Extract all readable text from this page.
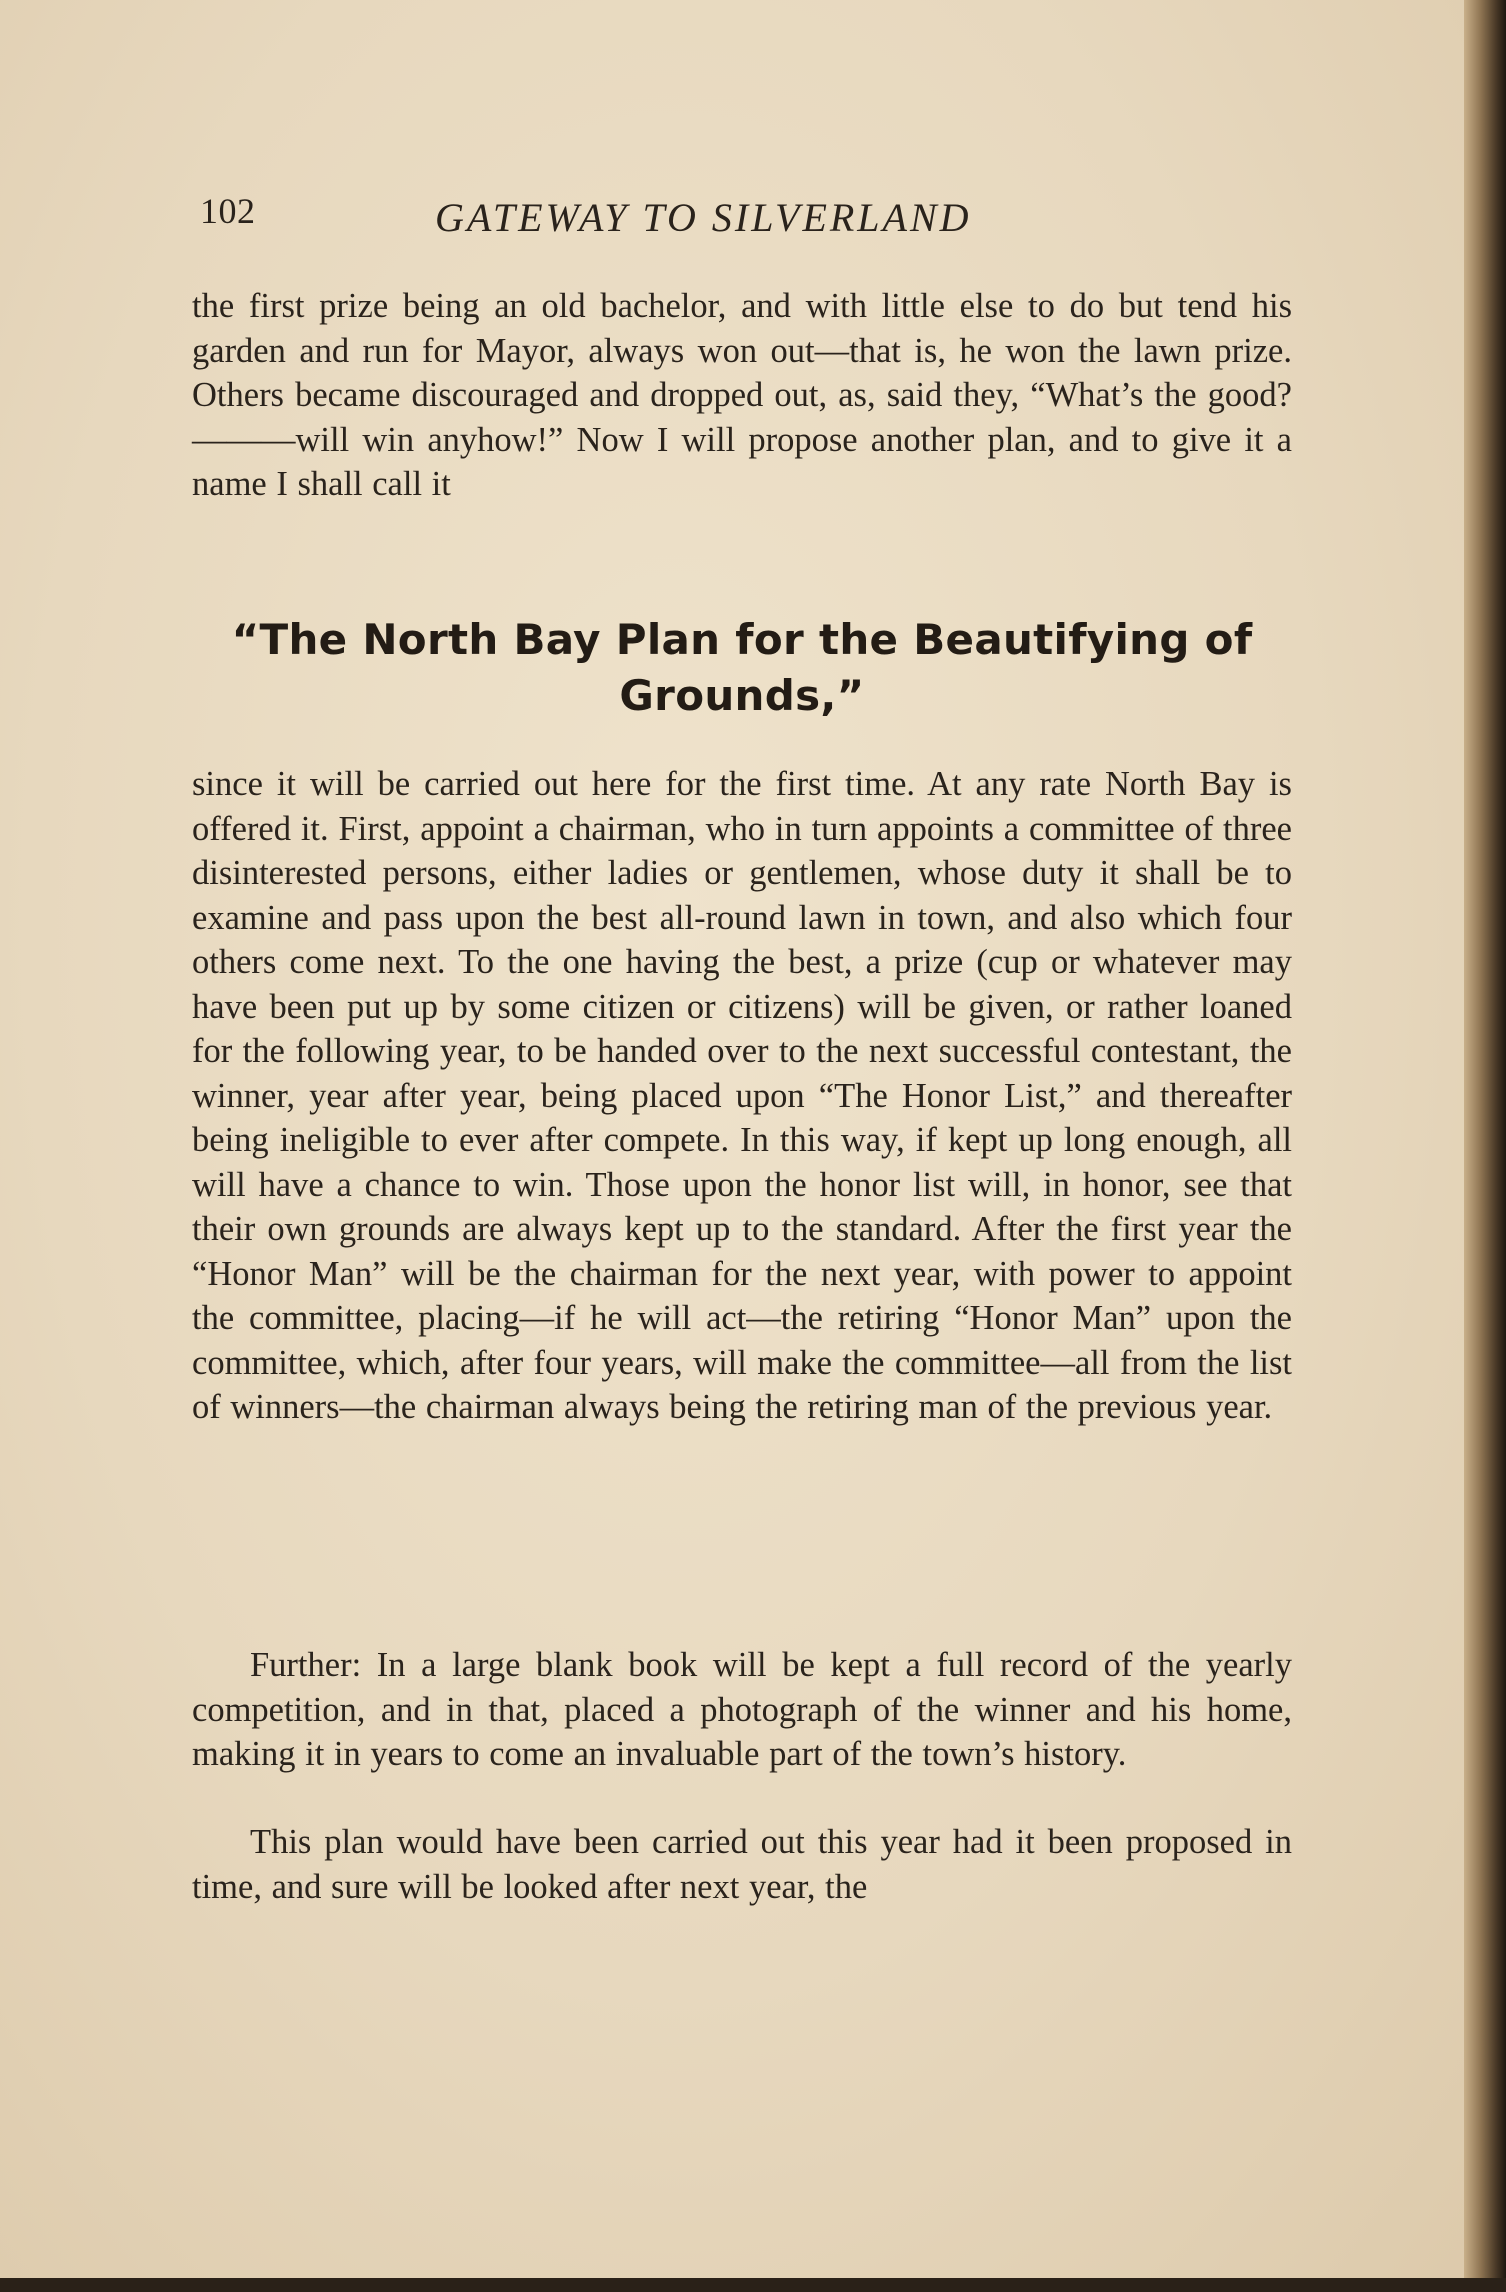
102	GATEWAY TO SILVERLAND

the first prize being an old bachelor, and with little else to do but tend his garden and run for Mayor, always won out—that is, he won the lawn prize. Others became discouraged and dropped out, as, said they, “What’s the good? ———will win anyhow!” Now I will propose another plan, and to give it a name I shall call it

“The North Bay Plan for the Beautifying of Grounds,”

since it will be carried out here for the first time. At any rate North Bay is offered it. First, appoint a chairman, who in turn appoints a committee of three disinterested persons, either ladies or gentlemen, whose duty it shall be to examine and pass upon the best all-round lawn in town, and also which four others come next. To the one having the best, a prize (cup or whatever may have been put up by some citizen or citizens) will be given, or rather loaned for the following year, to be handed over to the next successful contestant, the winner, year after year, being placed upon “The Honor List,” and thereafter being ineligible to ever after compete. In this way, if kept up long enough, all will have a chance to win. Those upon the honor list will, in honor, see that their own grounds are always kept up to the standard. After the first year the “Honor Man” will be the chairman for the next year, with power to appoint the committee, placing—if he will act—the retiring “Honor Man” upon the committee, which, after four years, will make the committee—all from the list of winners—the chairman always being the retiring man of the previous year.

Further: In a large blank book will be kept a full record of the yearly competition, and in that, placed a photograph of the winner and his home, making it in years to come an invaluable part of the town’s history.

This plan would have been carried out this year had it been proposed in time, and sure will be looked after next year, the
